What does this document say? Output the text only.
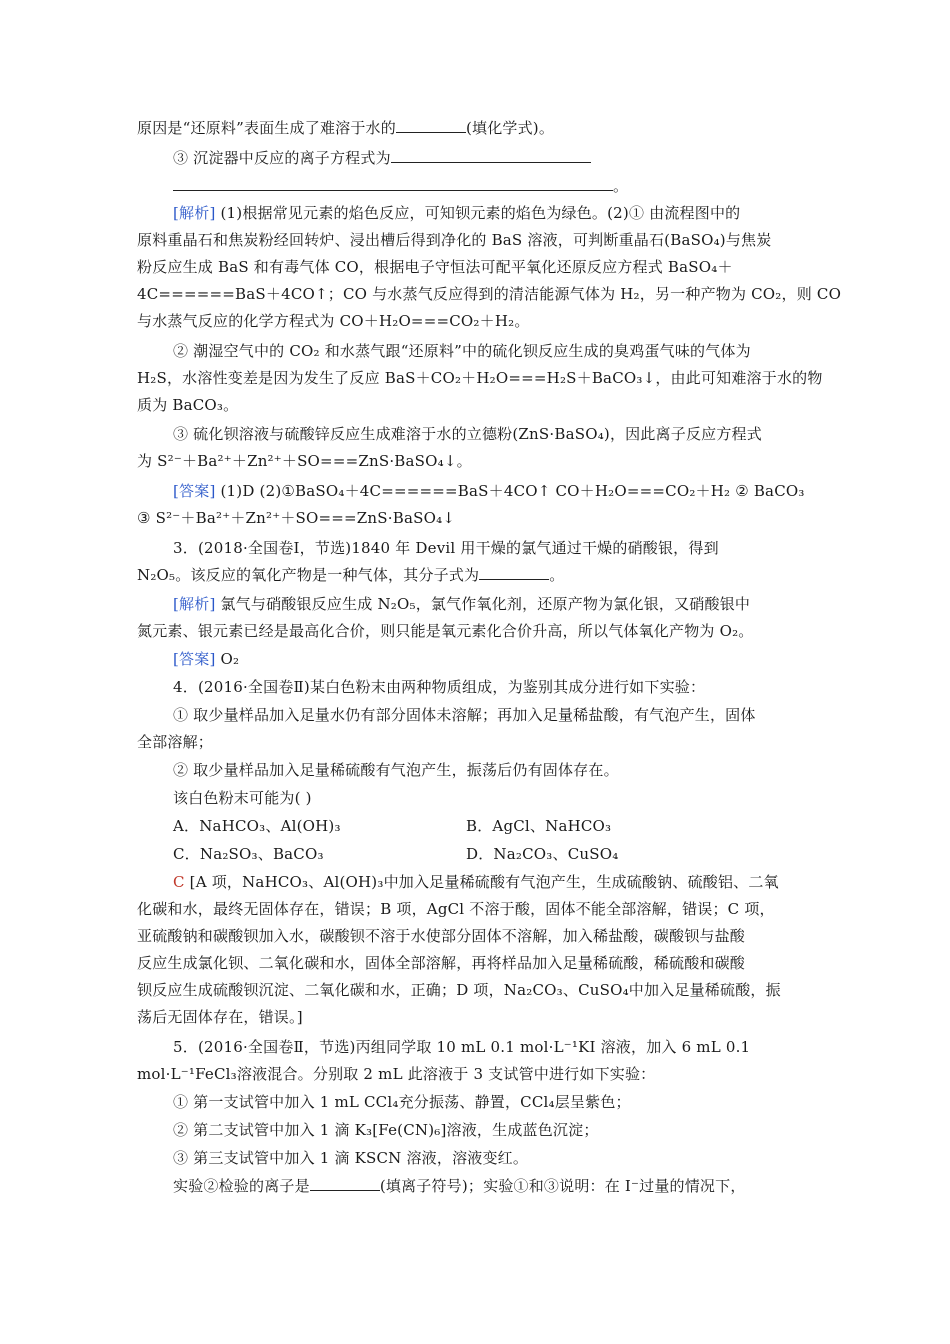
原因是“还原料”表面生成了难溶于水的	(填化学式)。
③ 沉淀器中反应的离子方程式为
。
[解析] (1)根据常见元素的焰色反应，可知钡元素的焰色为绿色。(2)① 由流程图中的
原料重晶石和焦炭粉经回转炉、浸出槽后得到净化的 BaS 溶液，可判断重晶石(BaSO₄)与焦炭
粉反应生成 BaS 和有毒气体 CO，根据电子守恒法可配平氧化还原反应方程式 BaSO₄＋
4C======BaS＋4CO↑；CO 与水蒸气反应得到的清洁能源气体为 H₂，另一种产物为 CO₂，则 CO
与水蒸气反应的化学方程式为 CO＋H₂O===CO₂＋H₂。
② 潮湿空气中的 CO₂ 和水蒸气跟“还原料”中的硫化钡反应生成的臭鸡蛋气味的气体为
H₂S，水溶性变差是因为发生了反应 BaS＋CO₂＋H₂O===H₂S＋BaCO₃↓，由此可知难溶于水的物
质为 BaCO₃。
③ 硫化钡溶液与硫酸锌反应生成难溶于水的立德粉(ZnS·BaSO₄)，因此离子反应方程式
为 S²⁻＋Ba²⁺＋Zn²⁺＋SO===ZnS·BaSO₄↓。
[答案] (1)D (2)①BaSO₄＋4C======BaS＋4CO↑ CO＋H₂O===CO₂＋H₂ ② BaCO₃
③ S²⁻＋Ba²⁺＋Zn²⁺＋SO===ZnS·BaSO₄↓
3．(2018·全国卷Ⅰ，节选)1840 年 Devil 用干燥的氯气通过干燥的硝酸银，得到
N₂O₅。该反应的氧化产物是一种气体，其分子式为	。
[解析] 氯气与硝酸银反应生成 N₂O₅，氯气作氧化剂，还原产物为氯化银，又硝酸银中
氮元素、银元素已经是最高化合价，则只能是氧元素化合价升高，所以气体氧化产物为 O₂。
[答案] O₂
4．(2016·全国卷Ⅱ)某白色粉末由两种物质组成，为鉴别其成分进行如下实验：
① 取少量样品加入足量水仍有部分固体未溶解；再加入足量稀盐酸，有气泡产生，固体
全部溶解；
② 取少量样品加入足量稀硫酸有气泡产生，振荡后仍有固体存在。
该白色粉末可能为( )
A．NaHCO₃、Al(OH)₃	B．AgCl、NaHCO₃
C．Na₂SO₃、BaCO₃	D．Na₂CO₃、CuSO₄
C [A 项，NaHCO₃、Al(OH)₃中加入足量稀硫酸有气泡产生，生成硫酸钠、硫酸铝、二氧
化碳和水，最终无固体存在，错误；B 项，AgCl 不溶于酸，固体不能全部溶解，错误；C 项，
亚硫酸钠和碳酸钡加入水，碳酸钡不溶于水使部分固体不溶解，加入稀盐酸，碳酸钡与盐酸
反应生成氯化钡、二氧化碳和水，固体全部溶解，再将样品加入足量稀硫酸，稀硫酸和碳酸
钡反应生成硫酸钡沉淀、二氧化碳和水，正确；D 项，Na₂CO₃、CuSO₄中加入足量稀硫酸，振
荡后无固体存在，错误。]
5．(2016·全国卷Ⅱ，节选)丙组同学取 10 mL 0.1 mol·L⁻¹KI 溶液，加入 6 mL 0.1
mol·L⁻¹FeCl₃溶液混合。分别取 2 mL 此溶液于 3 支试管中进行如下实验：
① 第一支试管中加入 1 mL CCl₄充分振荡、静置，CCl₄层呈紫色；
② 第二支试管中加入 1 滴 K₃[Fe(CN)₆]溶液，生成蓝色沉淀；
③ 第三支试管中加入 1 滴 KSCN 溶液，溶液变红。
实验②检验的离子是	(填离子符号)；实验①和③说明：在 I⁻过量的情况下，
